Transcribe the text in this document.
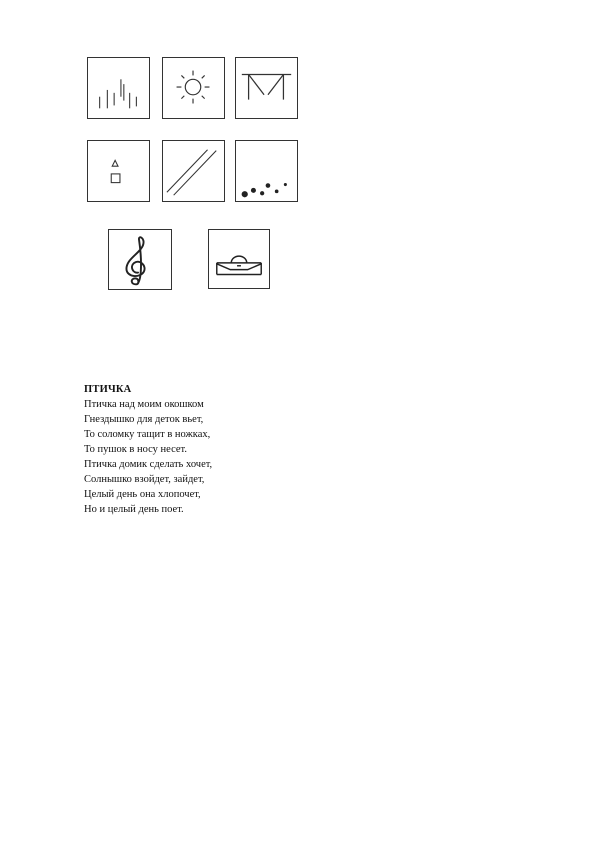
ПТИЧКА
Птичка над моим окошком
Гнездышко для деток вьет,
То соломку тащит в ножках,
То пушок в носу несет.
Птичка домик сделать хочет,
Солнышко взойдет, зайдет,
Целый день она хлопочет,
Но и целый день поет.
